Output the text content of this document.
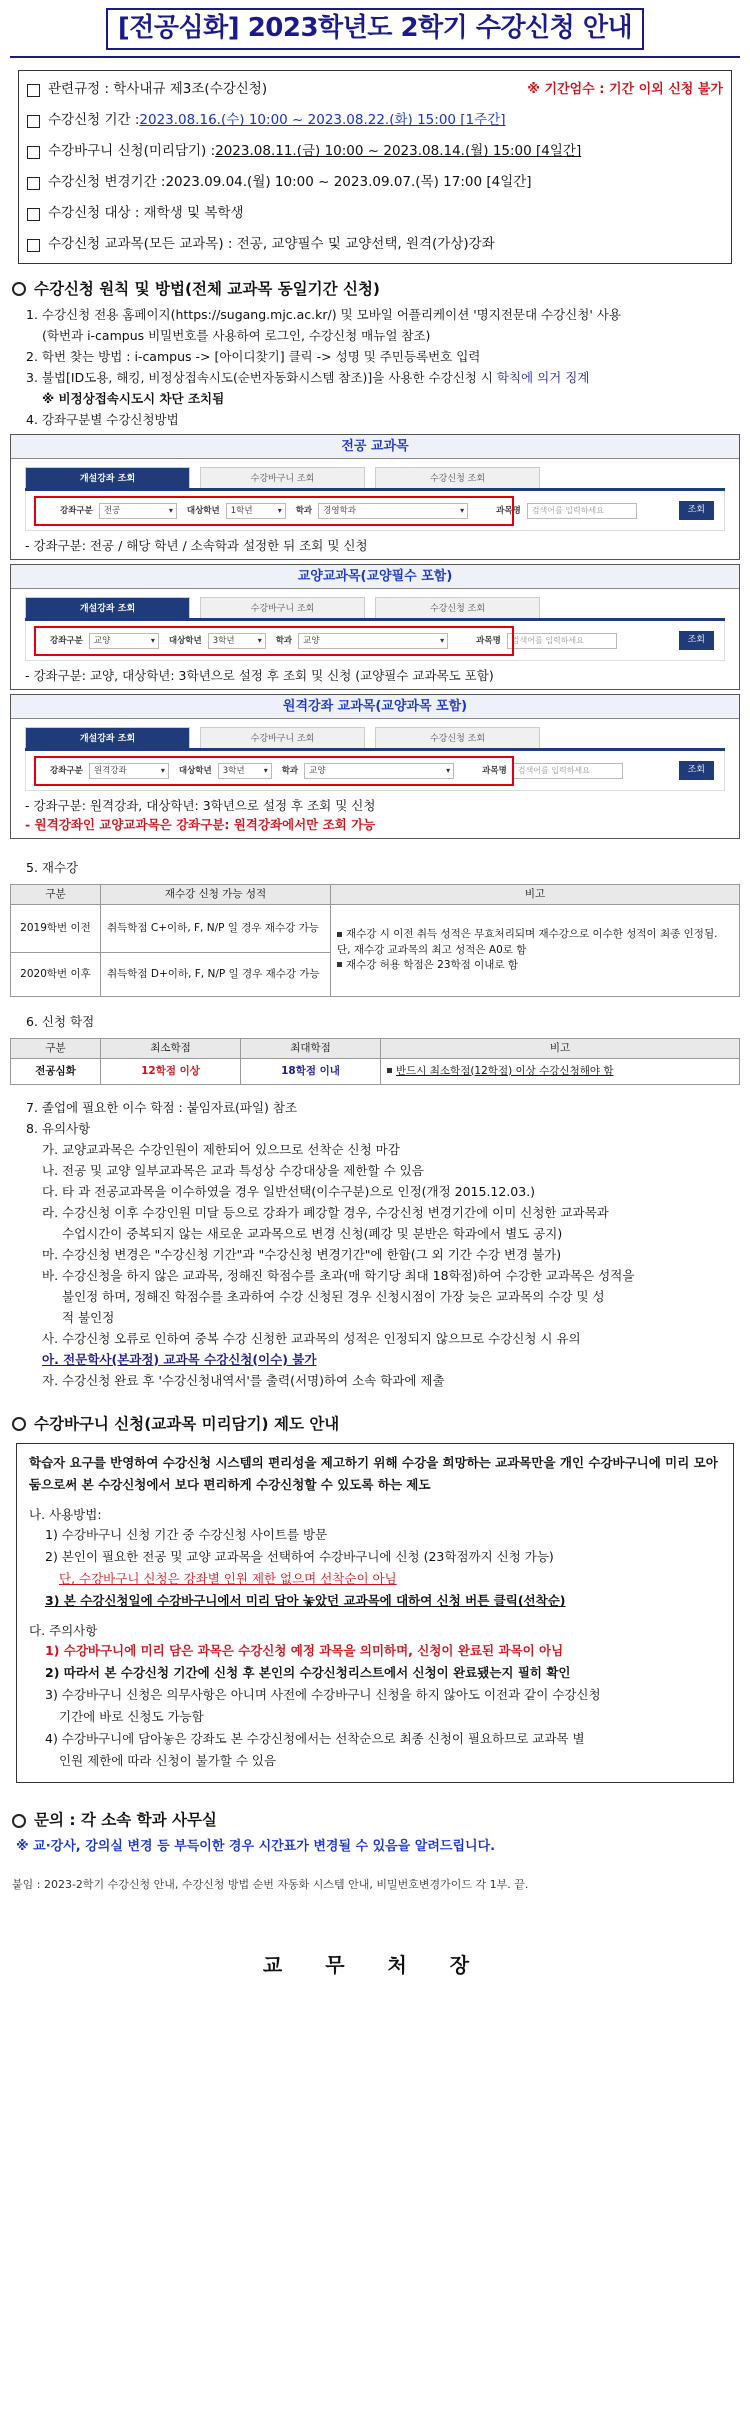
[전공심화] 2023학년도 2학기 수강신청 안내
관련규정 : 학사내규 제3조(수강신청)	※ 기간엄수 : 기간 이외 신청 불가
수강신청 기간 : 2023.08.16.(수) 10:00 ~ 2023.08.22.(화) 15:00 [1주간]
수강바구니 신청(미리담기) : 2023.08.11.(금) 10:00 ~ 2023.08.14.(월) 15:00 [4일간]
수강신청 변경기간 : 2023.09.04.(월) 10:00 ~ 2023.09.07.(목) 17:00 [4일간]
수강신청 대상 : 재학생 및 복학생
수강신청 교과목(모든 교과목) : 전공, 교양필수 및 교양선택, 원격(가상)강좌
수강신청 원칙 및 방법(전체 교과목 동일기간 신청)
1. 수강신청 전용 홈페이지(https://sugang.mjc.ac.kr/) 및 모바일 어플리케이션 '명지전문대 수강신청' 사용
(학번과 i-campus 비밀번호를 사용하여 로그인, 수강신청 매뉴얼 참조)
2. 학번 찾는 방법 : i-campus -> [아이디찾기] 클릭 -> 성명 및 주민등록번호 입력
3. 불법[ID도용, 해킹, 비정상접속시도(순번자동화시스템 참조)]을 사용한 수강신청 시 학칙에 의거 징계
※ 비정상접속시도시 차단 조치됨
4. 강좌구분별 수강신청방법
전공 교과목
개설강좌 조회	수강바구니 조회	수강신청 조회
강좌구분	전공 ▾	대상학년	1학년 ▾	학과	경영학과 ▾	과목명	검색어를 입력하세요	조회
- 강좌구분: 전공 / 해당 학년 / 소속학과 설정한 뒤 조회 및 신청
교양교과목(교양필수 포함)
개설강좌 조회	수강바구니 조회	수강신청 조회
강좌구분	교양 ▾	대상학년	3학년 ▾	학과	교양 ▾	과목명	검색어를 입력하세요	조회
- 강좌구분: 교양, 대상학년: 3학년으로 설정 후 조회 및 신청 (교양필수 교과목도 포함)
원격강좌 교과목(교양과목 포함)
개설강좌 조회	수강바구니 조회	수강신청 조회
강좌구분	원격강좌 ▾	대상학년	3학년 ▾	학과	교양 ▾	과목명	검색어를 입력하세요	조회
- 강좌구분: 원격강좌, 대상학년: 3학년으로 설정 후 조회 및 신청
- 원격강좌인 교양교과목은 강좌구분: 원격강좌에서만 조회 가능
5. 재수강
구분	재수강 신청 가능 성적	비고
2019학번 이전	취득학점 C+이하, F, N/P 일 경우 재수강 가능	재수강 시 이전 취득 성적은 무효처리되며 재수강으로 이수한 성적이 최종 인정됨. 단, 재수강 교과목의 최고 성적은 A0로 함
재수강 허용 학점은 23학점 이내로 함

2020학번 이후	취득학점 D+이하, F, N/P 일 경우 재수강 가능	
6. 신청 학점
구분	최소학점	최대학점	비고
전공심화	12학점 이상	18학점 이내	반드시 최소학점(12학점) 이상 수강신청해야 함
7. 졸업에 필요한 이수 학점 : 붙임자료(파일) 참조
8. 유의사항
가. 교양교과목은 수강인원이 제한되어 있으므로 선착순 신청 마감
나. 전공 및 교양 일부교과목은 교과 특성상 수강대상을 제한할 수 있음
다. 타 과 전공교과목을 이수하였을 경우 일반선택(이수구분)으로 인정(개정 2015.12.03.)
라. 수강신청 이후 수강인원 미달 등으로 강좌가 폐강할 경우, 수강신청 변경기간에 이미 신청한 교과목과
수업시간이 중복되지 않는 새로운 교과목으로 변경 신청(폐강 및 분반은 학과에서 별도 공지)
마. 수강신청 변경은 "수강신청 기간"과 "수강신청 변경기간"에 한함(그 외 기간 수강 변경 불가)
바. 수강신청을 하지 않은 교과목, 정해진 학점수를 초과(매 학기당 최대 18학점)하여 수강한 교과목은 성적을
불인정 하며, 정해진 학점수를 초과하여 수강 신청된 경우 신청시점이 가장 늦은 교과목의 수강 및 성
적 불인정
사. 수강신청 오류로 인하여 중복 수강 신청한 교과목의 성적은 인정되지 않으므로 수강신청 시 유의
아. 전문학사(본과정) 교과목 수강신청(이수) 불가
자. 수강신청 완료 후 '수강신청내역서'를 출력(서명)하여 소속 학과에 제출
수강바구니 신청(교과목 미리담기) 제도 안내
학습자 요구를 반영하여 수강신청 시스템의 편리성을 제고하기 위해 수강을 희망하는 교과목만을 개인 수강바구니에 미리 모아둠으로써 본 수강신청에서 보다 편리하게 수강신청할 수 있도록 하는 제도
나. 사용방법:
1) 수강바구니 신청 기간 중 수강신청 사이트를 방문
2) 본인이 필요한 전공 및 교양 교과목을 선택하여 수강바구니에 신청 (23학점까지 신청 가능)
단, 수강바구니 신청은 강좌별 인원 제한 없으며 선착순이 아님
3) 본 수강신청일에 수강바구니에서 미리 담아 놓았던 교과목에 대하여 신청 버튼 클릭(선착순)
다. 주의사항
1) 수강바구니에 미리 담은 과목은 수강신청 예정 과목을 의미하며, 신청이 완료된 과목이 아님
2) 따라서 본 수강신청 기간에 신청 후 본인의 수강신청리스트에서 신청이 완료됐는지 필히 확인
3) 수강바구니 신청은 의무사항은 아니며 사전에 수강바구니 신청을 하지 않아도 이전과 같이 수강신청
기간에 바로 신청도 가능함
4) 수강바구니에 담아놓은 강좌도 본 수강신청에서는 선착순으로 최종 신청이 필요하므로 교과목 별
인원 제한에 따라 신청이 불가할 수 있음
문의 : 각 소속 학과 사무실
※ 교·강사, 강의실 변경 등 부득이한 경우 시간표가 변경될 수 있음을 알려드립니다.
붙임 : 2023-2학기 수강신청 안내, 수강신청 방법 순번 자동화 시스템 안내, 비밀번호변경가이드 각 1부. 끝.
교 무 처 장
